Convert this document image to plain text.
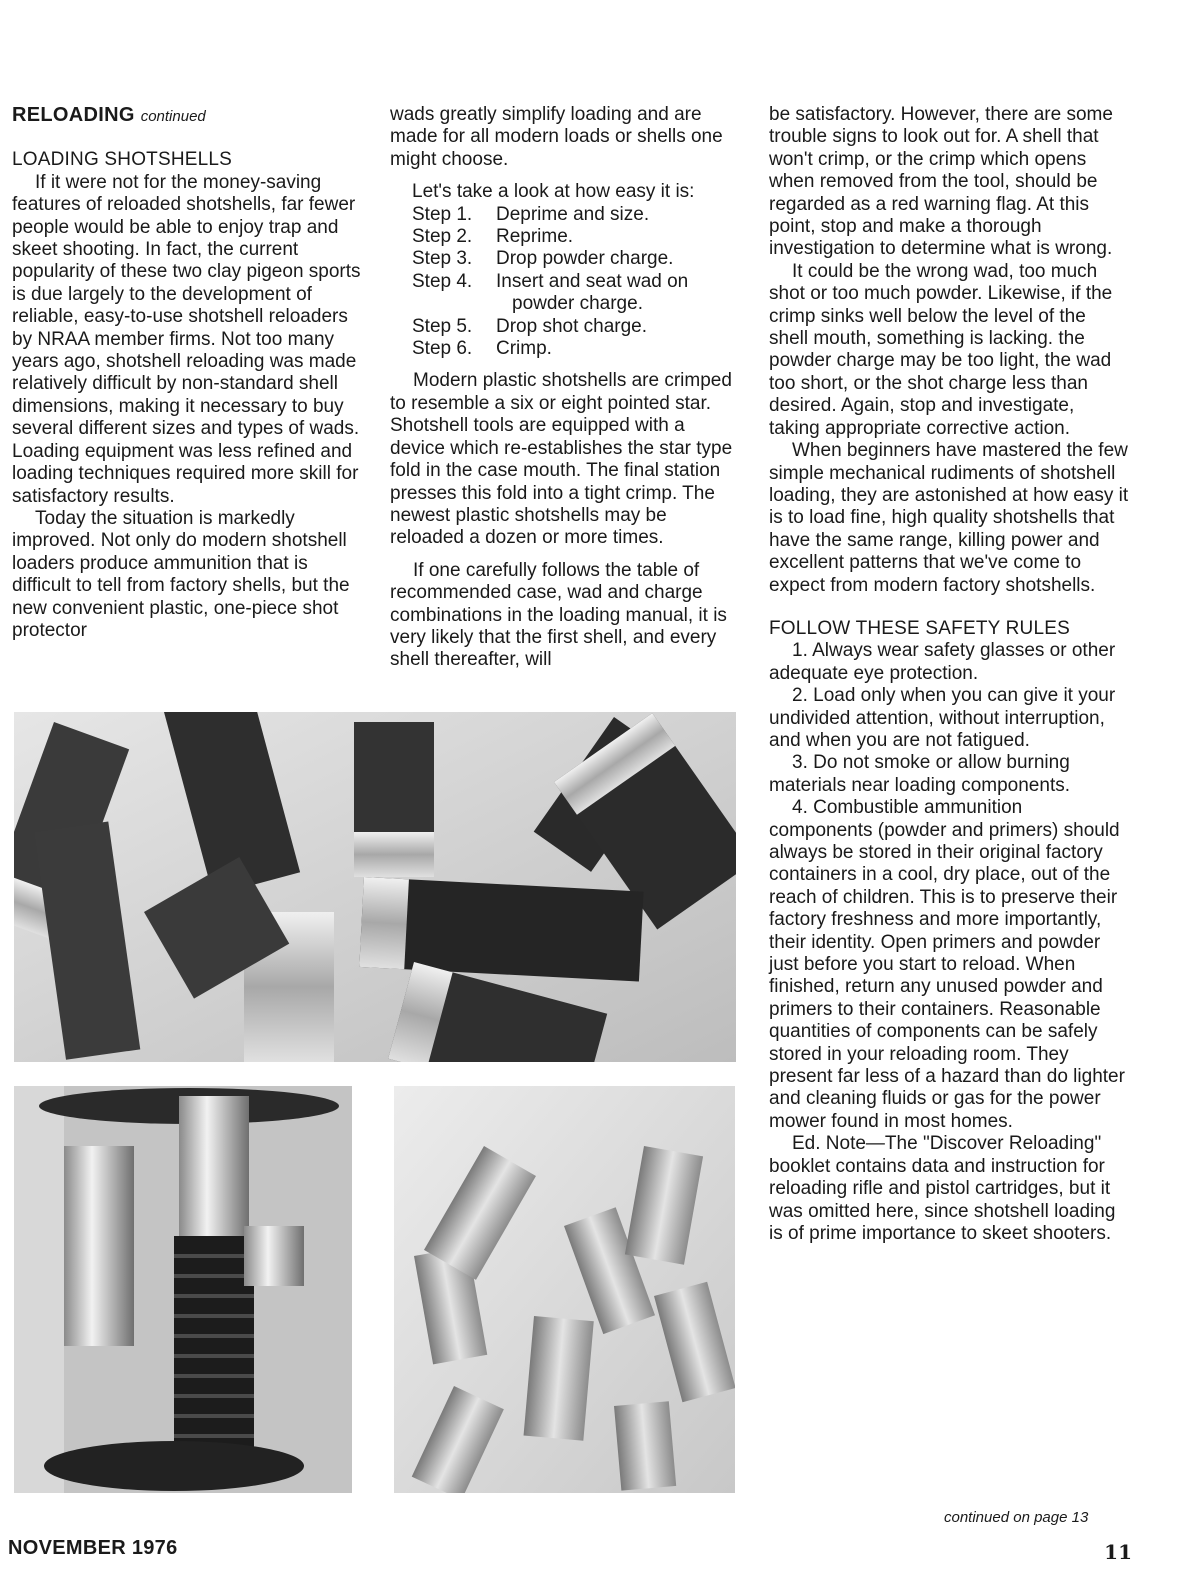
RELOADING continued
LOADING SHOTSHELLS

If it were not for the money-saving features of reloaded shotshells, far fewer people would be able to enjoy trap and skeet shooting. In fact, the current popularity of these two clay pigeon sports is due largely to the development of reliable, easy-to-use shotshell reloaders by NRAA member firms. Not too many years ago, shotshell reloading was made relatively difficult by non-standard shell dimensions, making it necessary to buy several different sizes and types of wads. Loading equipment was less refined and loading techniques required more skill for satisfactory results.

Today the situation is markedly improved. Not only do modern shotshell loaders produce ammunition that is difficult to tell from factory shells, but the new convenient plastic, one-piece shot protector

wads greatly simplify loading and are made for all modern loads or shells one might choose.

Let's take a look at how easy it is:
Step 1.	Deprime and size.
Step 2.	Reprime.
Step 3.	Drop powder charge.
Step 4.	Insert and seat wad on
powder charge.
Step 5.	Drop shot charge.
Step 6.	Crimp.

Modern plastic shotshells are crimped to resemble a six or eight pointed star. Shotshell tools are equipped with a device which re-establishes the star type fold in the case mouth. The final station presses this fold into a tight crimp. The newest plastic shotshells may be reloaded a dozen or more times.

If one carefully follows the table of recommended case, wad and charge combinations in the loading manual, it is very likely that the first shell, and every shell thereafter, will

be satisfactory. However, there are some trouble signs to look out for. A shell that won't crimp, or the crimp which opens when removed from the tool, should be regarded as a red warning flag. At this point, stop and make a thorough investigation to determine what is wrong.

It could be the wrong wad, too much shot or too much powder. Likewise, if the crimp sinks well below the level of the shell mouth, something is lacking. the powder charge may be too light, the wad too short, or the shot charge less than desired. Again, stop and investigate, taking appropriate corrective action.

When beginners have mastered the few simple mechanical rudiments of shotshell loading, they are astonished at how easy it is to load fine, high quality shotshells that have the same range, killing power and excellent patterns that we've come to expect from modern factory shotshells.

FOLLOW THESE SAFETY RULES

1. Always wear safety glasses or other adequate eye protection.

2. Load only when you can give it your undivided attention, without interruption, and when you are not fatigued.

3. Do not smoke or allow burning materials near loading components.

4. Combustible ammunition components (powder and primers) should always be stored in their original factory containers in a cool, dry place, out of the reach of children. This is to preserve their factory freshness and more importantly, their identity. Open primers and powder just before you start to reload. When finished, return any unused powder and primers to their containers. Reasonable quantities of components can be safely stored in your reloading room. They present far less of a hazard than do lighter and cleaning fluids or gas for the power mower found in most homes.

Ed. Note—The "Discover Reloading" booklet contains data and instruction for reloading rifle and pistol cartridges, but it was omitted here, since shotshell loading is of prime importance to skeet shooters.

continued on page 13
NOVEMBER 1976	11
